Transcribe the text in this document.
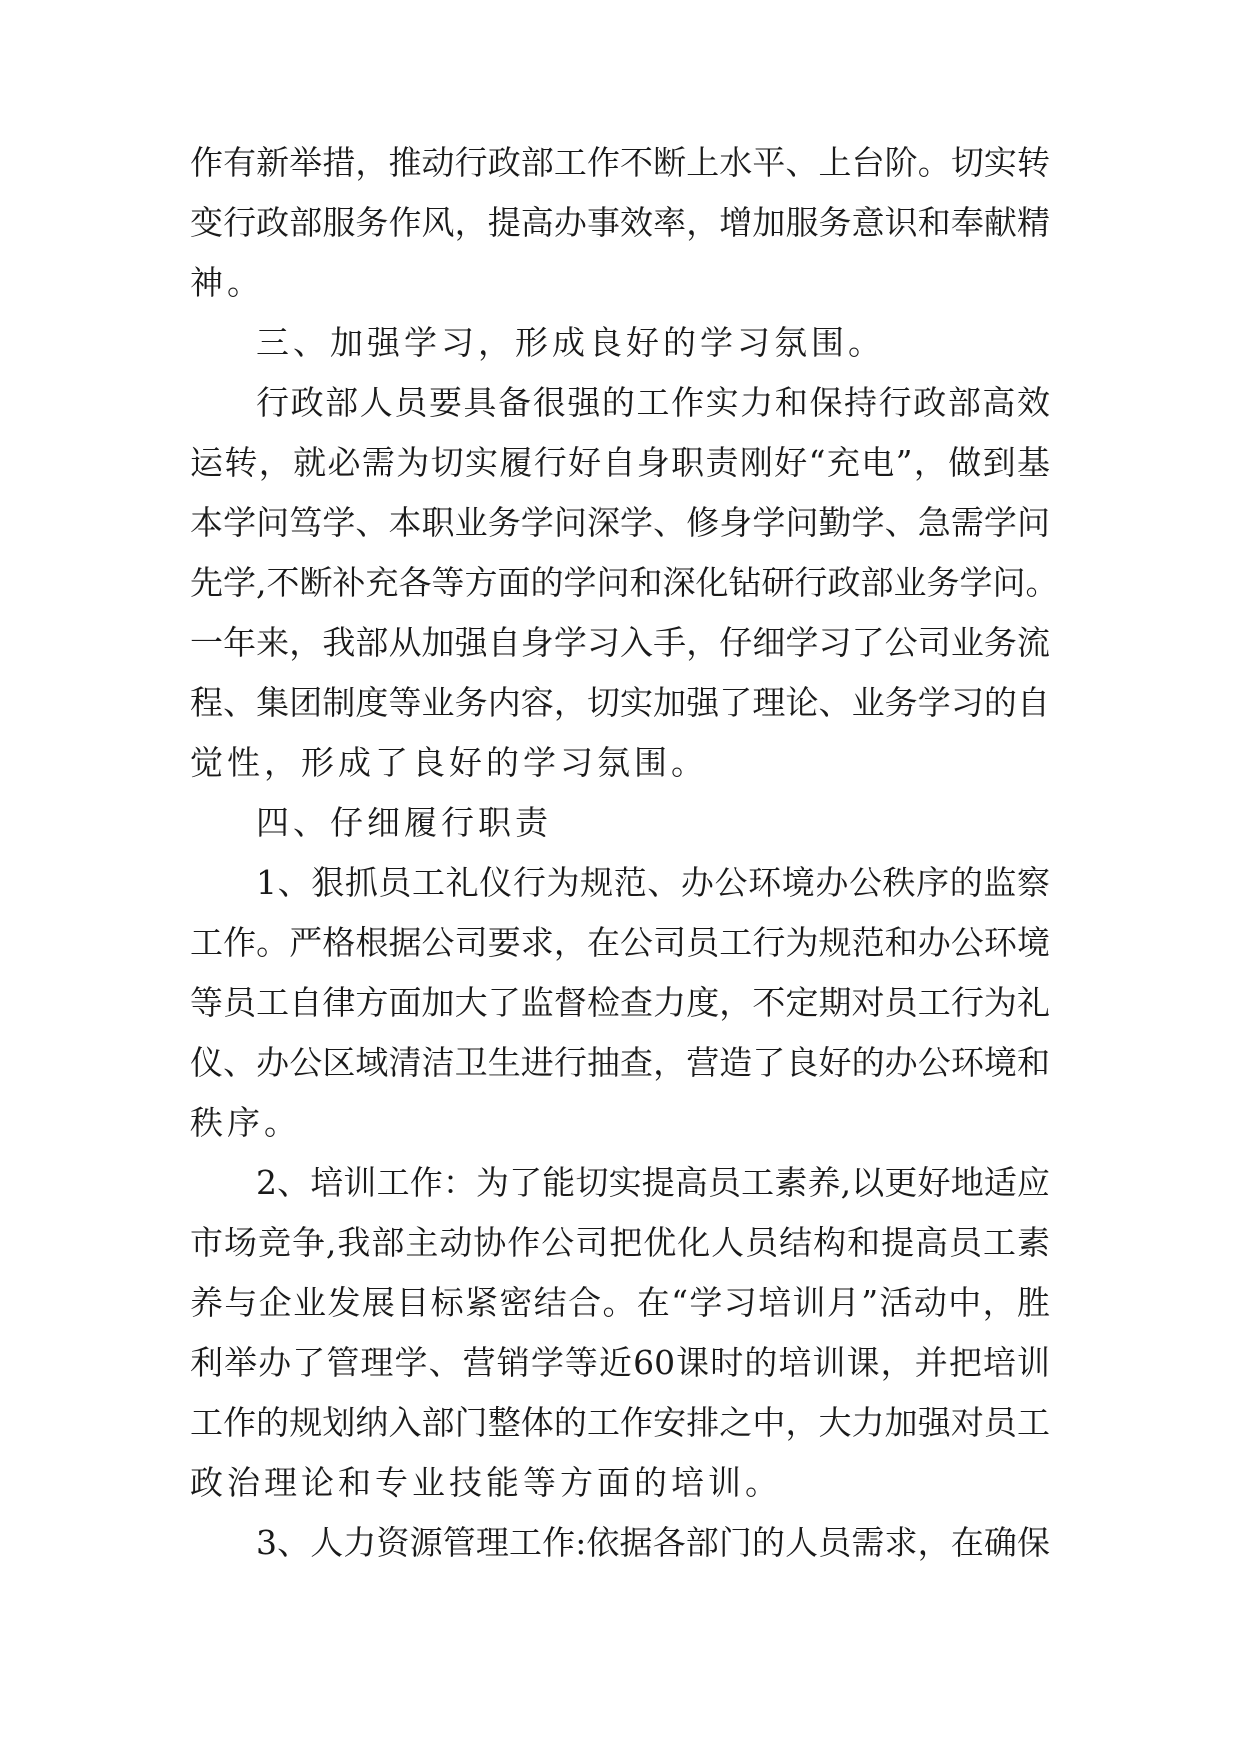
作有新举措，推动行政部工作不断上水平、上台阶。切实转
变行政部服务作风，提高办事效率，增加服务意识和奉献精
神。
三、加强学习，形成良好的学习氛围。
行政部人员要具备很强的工作实力和保持行政部高效
运转，就必需为切实履行好自身职责刚好“充电”，做到基
本学问笃学、本职业务学问深学、修身学问勤学、急需学问
先学,不断补充各等方面的学问和深化钻研行政部业务学问。
一年来，我部从加强自身学习入手，仔细学习了公司业务流
程、集团制度等业务内容，切实加强了理论、业务学习的自
觉性，形成了良好的学习氛围。
四、仔细履行职责
1、狠抓员工礼仪行为规范、办公环境办公秩序的监察
工作。严格根据公司要求，在公司员工行为规范和办公环境
等员工自律方面加大了监督检查力度，不定期对员工行为礼
仪、办公区域清洁卫生进行抽查，营造了良好的办公环境和
秩序。
2、培训工作：为了能切实提高员工素养,以更好地适应
市场竞争,我部主动协作公司把优化人员结构和提高员工素
养与企业发展目标紧密结合。在“学习培训月”活动中，胜
利举办了管理学、营销学等近60课时的培训课，并把培训
工作的规划纳入部门整体的工作安排之中，大力加强对员工
政治理论和专业技能等方面的培训。
3、人力资源管理工作:依据各部门的人员需求，在确保
